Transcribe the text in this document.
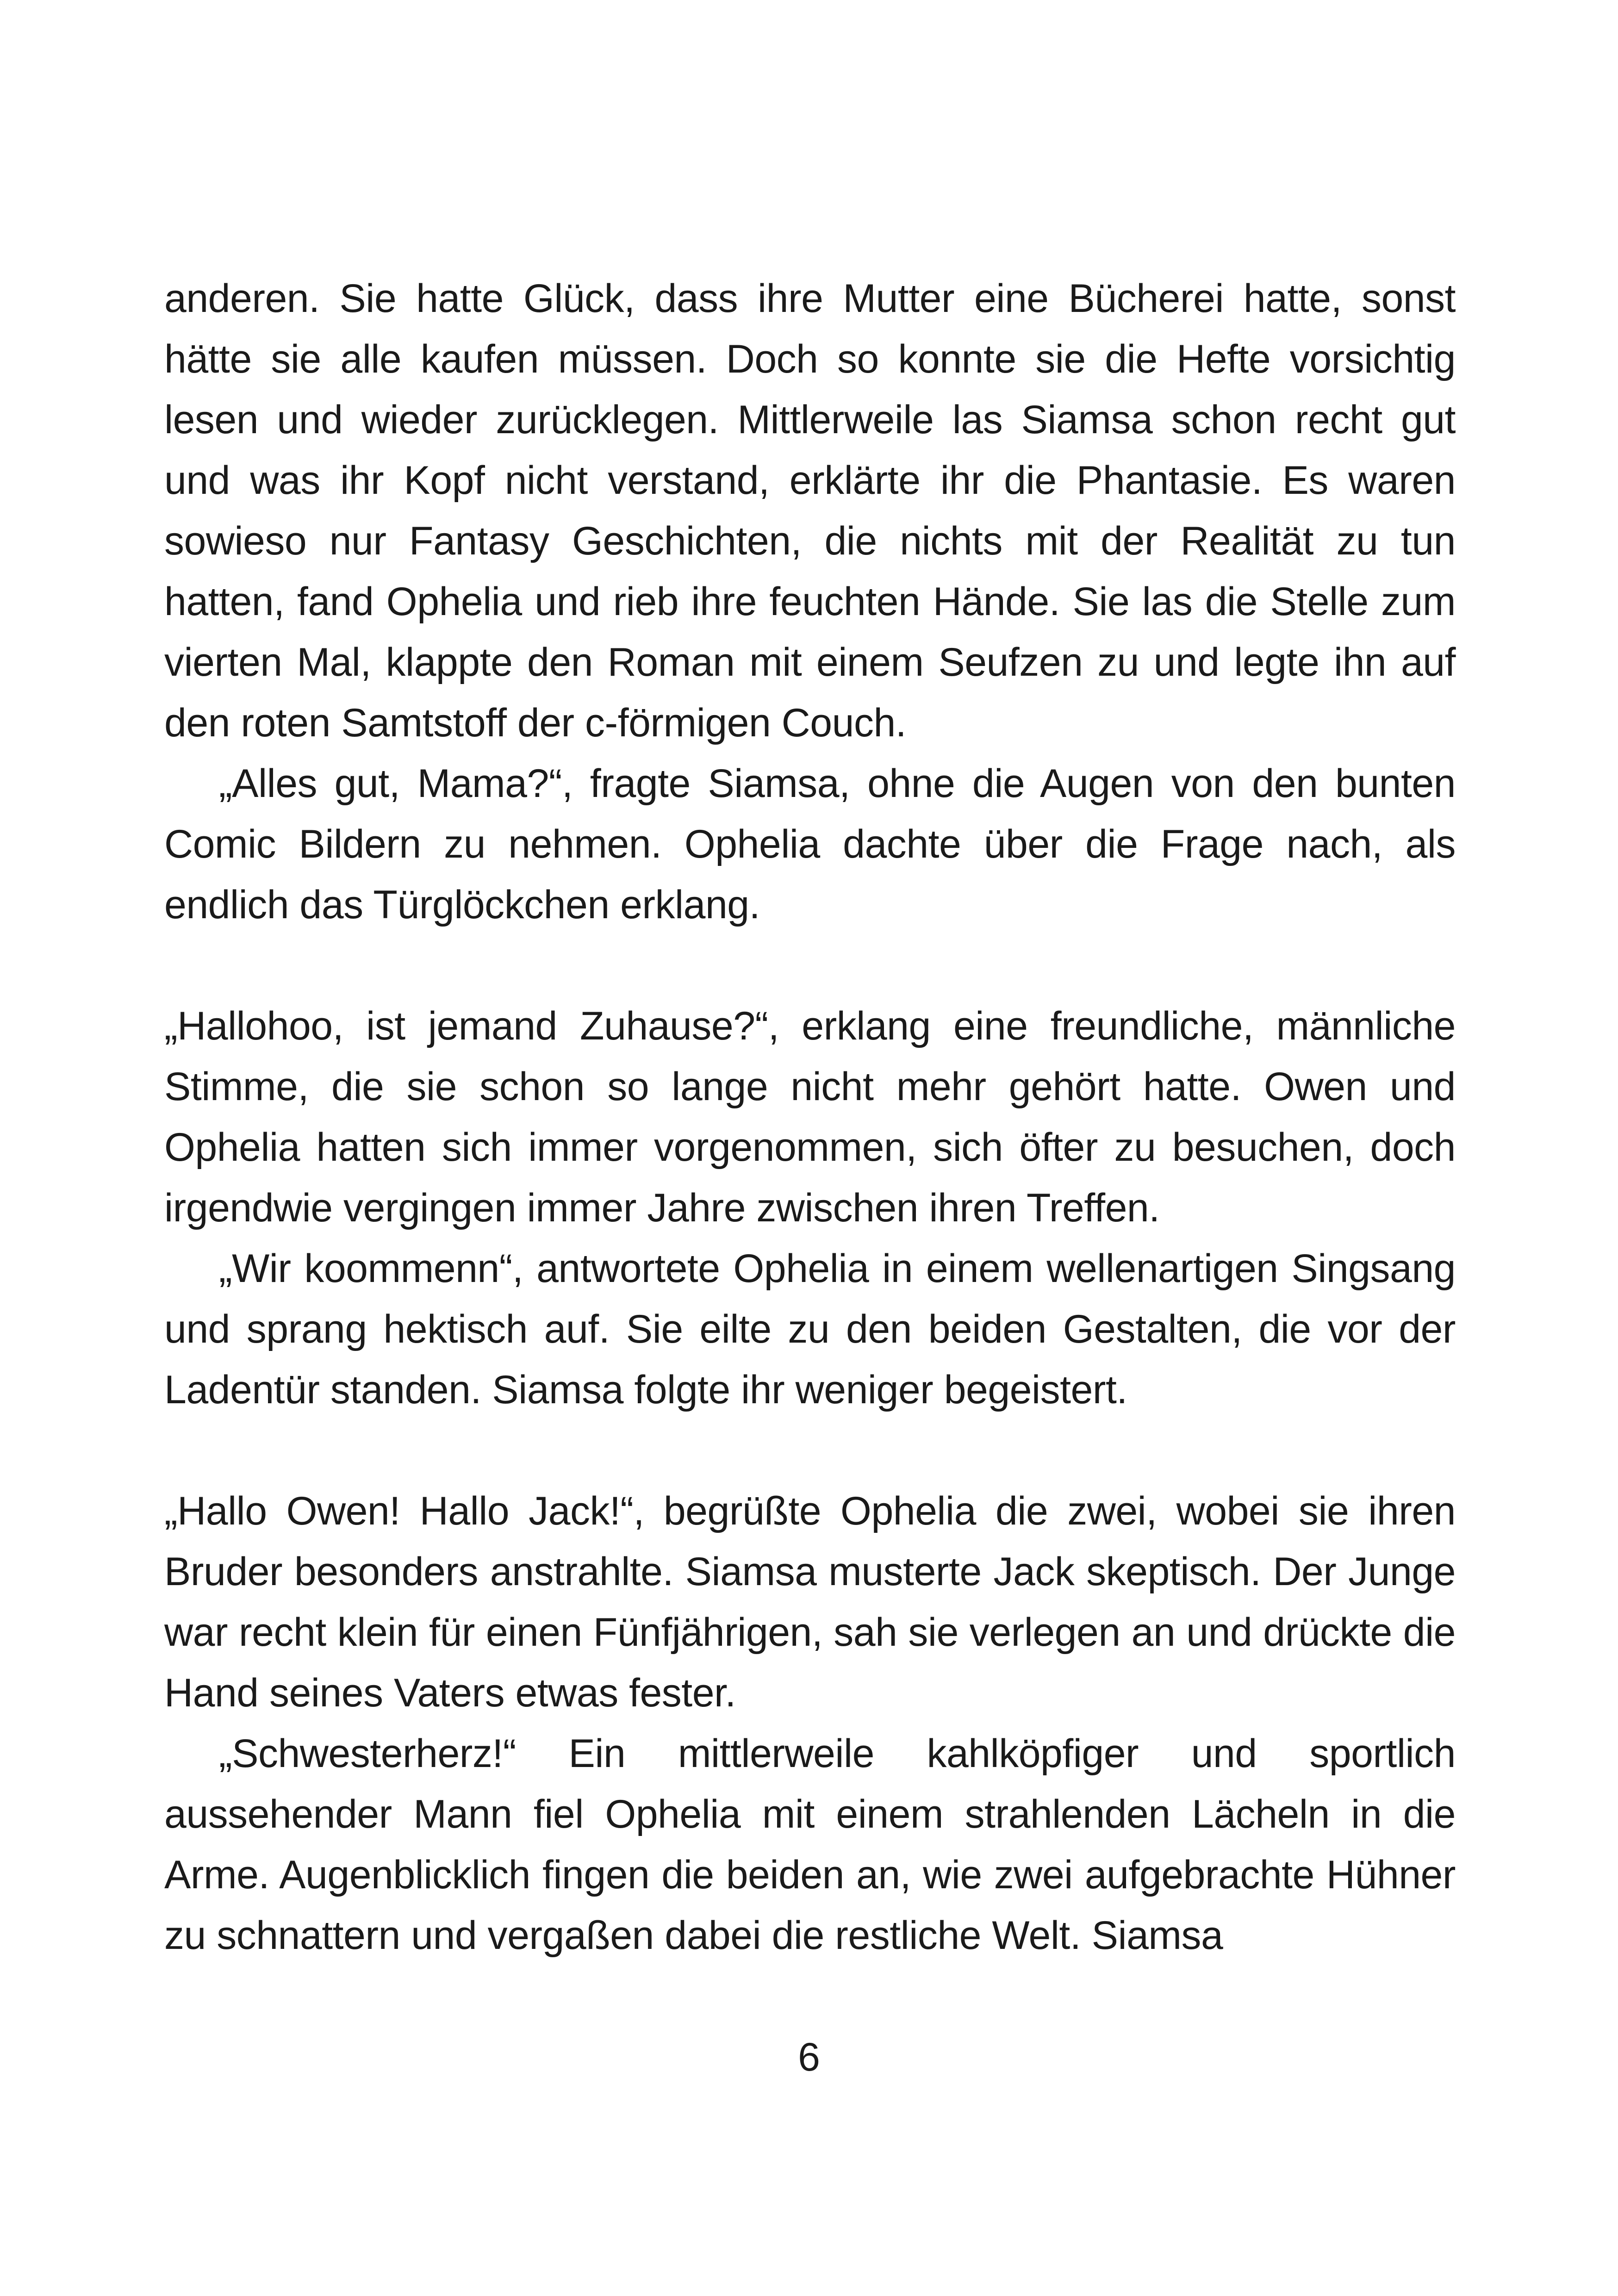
anderen. Sie hatte Glück, dass ihre Mutter eine Bücherei hatte, sonst hätte sie alle kaufen müssen. Doch so konnte sie die Hefte vorsichtig lesen und wieder zurücklegen. Mittlerweile las Siamsa schon recht gut und was ihr Kopf nicht verstand, erklärte ihr die Phantasie. Es waren sowieso nur Fantasy Geschichten, die nichts mit der Realität zu tun hatten, fand Ophelia und rieb ihre feuchten Hände. Sie las die Stelle zum vierten Mal, klappte den Roman mit einem Seufzen zu und legte ihn auf den roten Samtstoff der c-förmigen Couch.

„Alles gut, Mama?“, fragte Siamsa, ohne die Augen von den bunten Comic Bildern zu nehmen. Ophelia dachte über die Frage nach, als endlich das Türglöckchen erklang.

„Hallohoo, ist jemand Zuhause?“, erklang eine freundliche, männliche Stimme, die sie schon so lange nicht mehr gehört hatte. Owen und Ophelia hatten sich immer vorgenommen, sich öfter zu besuchen, doch irgendwie vergingen immer Jahre zwischen ihren Treffen.

„Wir koommenn“, antwortete Ophelia in einem wellenartigen Singsang und sprang hektisch auf. Sie eilte zu den beiden Gestalten, die vor der Ladentür standen. Siamsa folgte ihr weniger begeistert.

„Hallo Owen! Hallo Jack!“, begrüßte Ophelia die zwei, wobei sie ihren Bruder besonders anstrahlte. Siamsa musterte Jack skeptisch. Der Junge war recht klein für einen Fünfjährigen, sah sie verlegen an und drückte die Hand seines Vaters etwas fester.

„Schwesterherz!“ Ein mittlerweile kahlköpfiger und sportlich aussehender Mann fiel Ophelia mit einem strahlenden Lächeln in die Arme. Augenblicklich fingen die beiden an, wie zwei aufgebrachte Hühner zu schnattern und vergaßen dabei die restliche Welt. Siamsa

6
